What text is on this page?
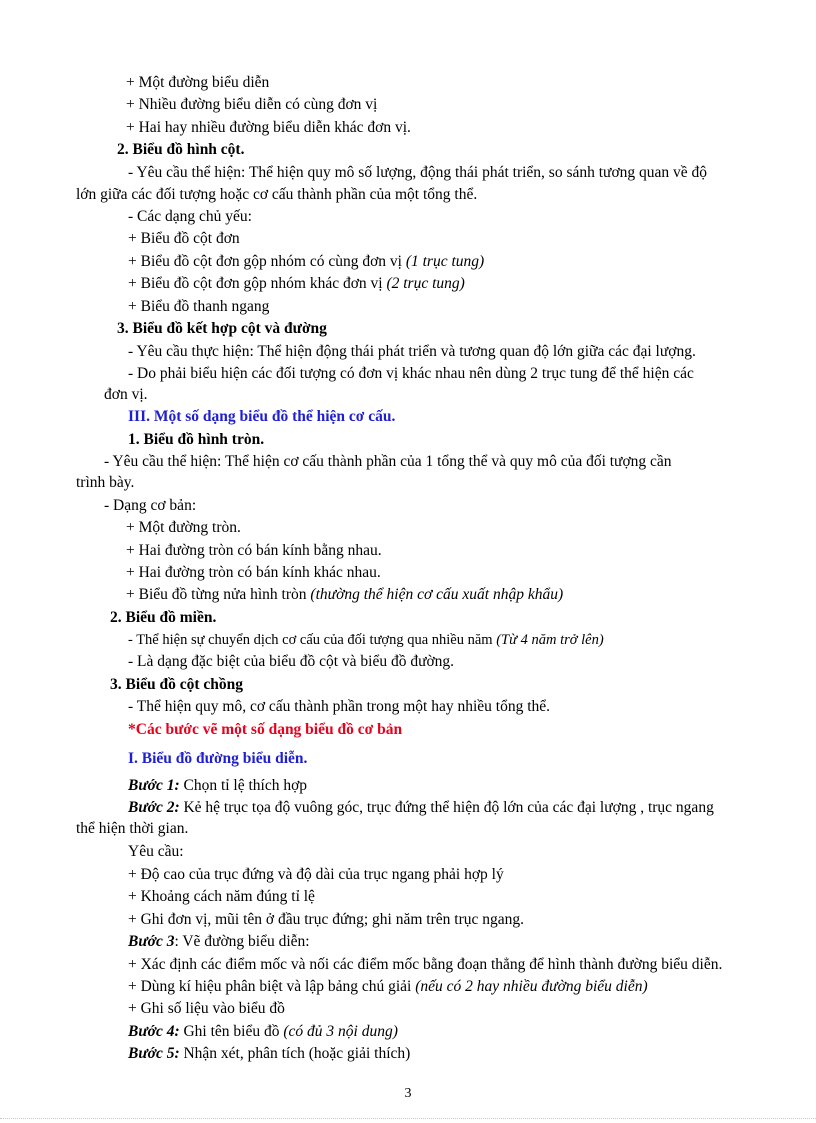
+ Một đường biểu diễn
+ Nhiều đường biểu diễn có cùng đơn vị
+ Hai hay nhiều đường biểu diễn khác đơn vị.
2. Biểu đồ hình cột.
- Yêu cầu thể hiện: Thể hiện quy mô số lượng, động thái phát triển, so sánh tương quan về độ
lớn giữa các đối tượng hoặc cơ cấu thành phần của một tổng thể.
- Các dạng chủ yếu:
+ Biểu đồ cột đơn
+ Biểu đồ cột đơn gộp nhóm có cùng đơn vị (1 trục tung)
+ Biểu đồ cột đơn gộp nhóm khác đơn vị (2 trục tung)
+ Biểu đồ thanh ngang
3. Biểu đồ kết hợp cột và đường
- Yêu cầu thực hiện: Thể hiện động thái phát triển và tương quan độ lớn giữa các đại lượng.
- Do phải biểu hiện các đối tượng có đơn vị khác nhau nên dùng 2 trục tung để thể hiện các
đơn vị.
III. Một số dạng biểu đồ thể hiện cơ cấu.
1. Biểu đồ hình tròn.
- Yêu cầu thể hiện: Thể hiện cơ cấu thành phần của 1 tổng thể và quy mô của đối tượng cần
trình bày.
- Dạng cơ bản:
+ Một đường tròn.
+ Hai đường tròn có bán kính bằng nhau.
+ Hai đường tròn có bán kính khác nhau.
+ Biểu đồ từng nửa hình tròn (thường thể hiện cơ cấu xuất nhập khẩu)
2. Biểu đồ miền.
- Thể hiện sự chuyển dịch cơ cấu của đối tượng qua nhiều năm (Từ 4 năm trở lên)
- Là dạng đặc biệt của biểu đồ cột và biểu đồ đường.
3. Biểu đồ cột chồng
- Thể hiện quy mô, cơ cấu thành phần trong một hay nhiều tổng thể.
*Các bước vẽ một số dạng biểu đồ cơ bản
I. Biểu đồ đường biểu diễn.
Bước 1: Chọn tỉ lệ thích hợp
Bước 2: Kẻ hệ trục tọa độ vuông góc, trục đứng thể hiện độ lớn của các đại lượng , trục ngang
thể hiện thời gian.
Yêu cầu:
+ Độ cao của trục đứng và độ dài của trục ngang phải hợp lý
+ Khoảng cách năm đúng tỉ lệ
+ Ghi đơn vị, mũi tên ở đầu trục đứng; ghi năm trên trục ngang.
Bước 3: Vẽ đường biểu diễn:
+ Xác định các điểm mốc và nối các điểm mốc bằng đoạn thẳng để hình thành đường biểu diễn.
+ Dùng kí hiệu phân biệt và lập bảng chú giải (nếu có 2 hay nhiều đường biểu diễn)
+ Ghi số liệu vào biểu đồ
Bước 4: Ghi tên biểu đồ (có đủ 3 nội dung)
Bước 5: Nhận xét, phân tích (hoặc giải thích)
3
